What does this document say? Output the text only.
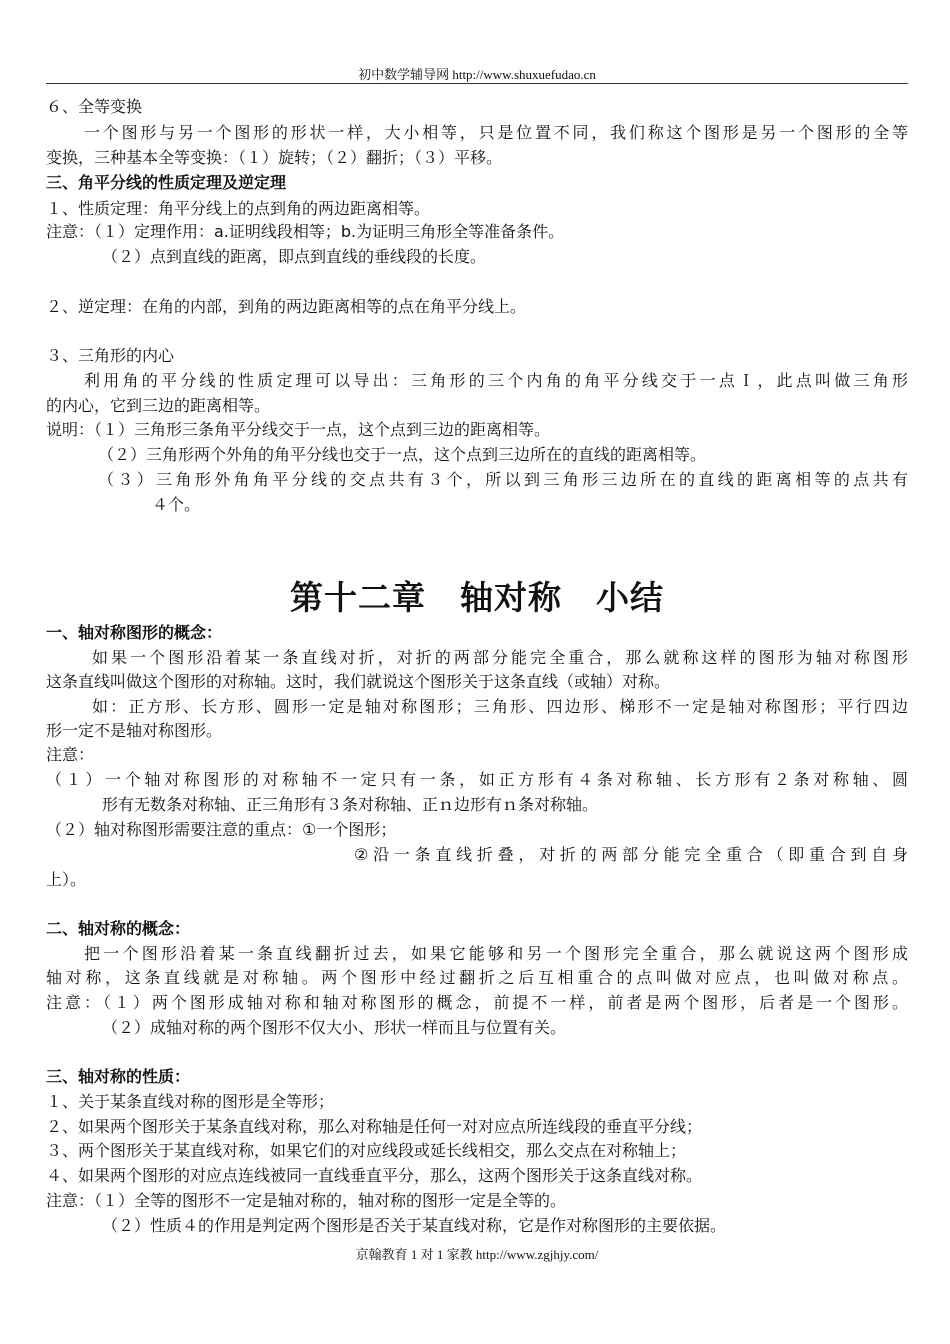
初中数学辅导网 http://www.shuxuefudao.cn
６、全等变换
一个图形与另一个图形的形状一样，大小相等，只是位置不同，我们称这个图形是另一个图形的全等
变换，三种基本全等变换：（１）旋转；（２）翻折；（３）平移。
三、角平分线的性质定理及逆定理
１、性质定理：角平分线上的点到角的两边距离相等。
注意：（１）定理作用：a.证明线段相等；b.为证明三角形全等准备条件。
（２）点到直线的距离，即点到直线的垂线段的长度。
２、逆定理：在角的内部，到角的两边距离相等的点在角平分线上。
３、三角形的内心
利用角的平分线的性质定理可以导出：三角形的三个内角的角平分线交于一点Ｉ，此点叫做三角形
的内心，它到三边的距离相等。
说明：（１）三角形三条角平分线交于一点，这个点到三边的距离相等。
（２）三角形两个外角的角平分线也交于一点，这个点到三边所在的直线的距离相等。
（３）三角形外角角平分线的交点共有３个，所以到三角形三边所在的直线的距离相等的点共有
４个。
第十二章　轴对称　小结
一、轴对称图形的概念：
如果一个图形沿着某一条直线对折，对折的两部分能完全重合，那么就称这样的图形为轴对称图形
这条直线叫做这个图形的对称轴。这时，我们就说这个图形关于这条直线（或轴）对称。
如：正方形、长方形、圆形一定是轴对称图形；三角形、四边形、梯形不一定是轴对称图形；平行四边
形一定不是轴对称图形。
注意：
（１）一个轴对称图形的对称轴不一定只有一条，如正方形有４条对称轴、长方形有２条对称轴、圆
形有无数条对称轴、正三角形有３条对称轴、正ｎ边形有ｎ条对称轴。
（２）轴对称图形需要注意的重点：①一个图形；
②沿一条直线折叠，对折的两部分能完全重合（即重合到自身
上）。
二、轴对称的概念：
把一个图形沿着某一条直线翻折过去，如果它能够和另一个图形完全重合，那么就说这两个图形成
轴对称，这条直线就是对称轴。两个图形中经过翻折之后互相重合的点叫做对应点，也叫做对称点。
注意：（１）两个图形成轴对称和轴对称图形的概念，前提不一样，前者是两个图形，后者是一个图形。
（２）成轴对称的两个图形不仅大小、形状一样而且与位置有关。
三、轴对称的性质：
１、关于某条直线对称的图形是全等形；
２、如果两个图形关于某条直线对称，那么对称轴是任何一对对应点所连线段的垂直平分线；
３、两个图形关于某直线对称，如果它们的对应线段或延长线相交，那么交点在对称轴上；
４、如果两个图形的对应点连线被同一直线垂直平分，那么，这两个图形关于这条直线对称。
注意：（１）全等的图形不一定是轴对称的，轴对称的图形一定是全等的。
（２）性质４的作用是判定两个图形是否关于某直线对称，它是作对称图形的主要依据。
京翰教育 1 对 1 家教 http://www.zgjhjy.com/
